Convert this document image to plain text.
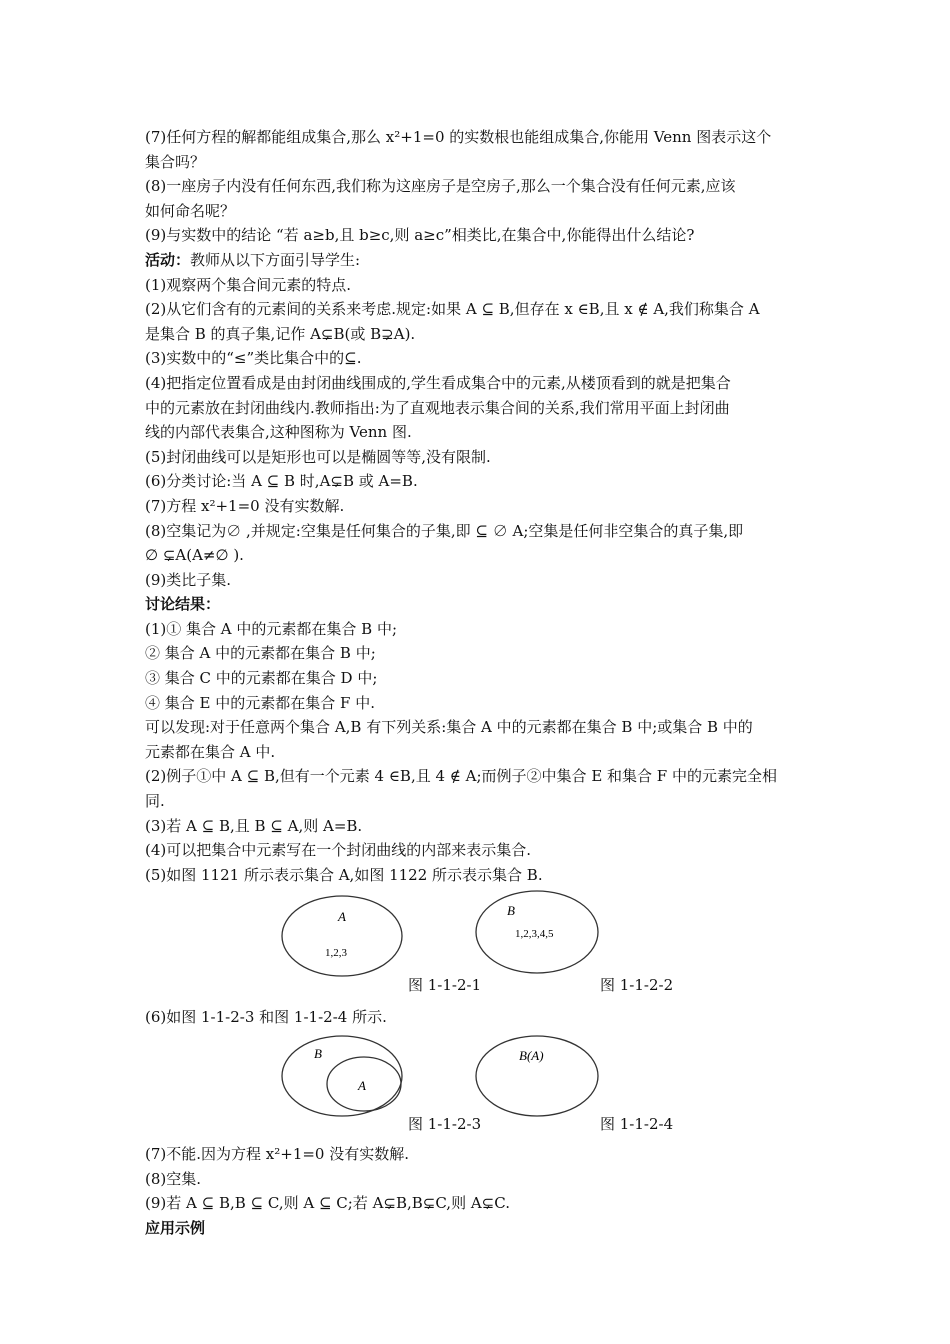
(7)任何方程的解都能组成集合,那么 x²+1=0 的实数根也能组成集合,你能用 Venn 图表示这个

集合吗？

(8)一座房子内没有任何东西,我们称为这座房子是空房子,那么一个集合没有任何元素,应该

如何命名呢？

(9)与实数中的结论 “若 a≥b,且 b≥c,则 a≥c”相类比,在集合中,你能得出什么结论?

活动：教师从以下方面引导学生:

(1)观察两个集合间元素的特点.

(2)从它们含有的元素间的关系来考虑.规定:如果 A ⊆ B,但存在 x ∈B,且 x ∉ A,我们称集合 A

是集合 B 的真子集,记作 A⊊B(或 B⊋A).

(3)实数中的“≤”类比集合中的⊆.

(4)把指定位置看成是由封闭曲线围成的,学生看成集合中的元素,从楼顶看到的就是把集合

中的元素放在封闭曲线内.教师指出:为了直观地表示集合间的关系,我们常用平面上封闭曲

线的内部代表集合,这种图称为 Venn 图.

(5)封闭曲线可以是矩形也可以是椭圆等等,没有限制.

(6)分类讨论:当 A ⊆ B 时,A⊊B 或 A=B.

(7)方程 x²+1=0 没有实数解.

(8)空集记为∅ ,并规定:空集是任何集合的子集,即 ⊆ ∅ A;空集是任何非空集合的真子集,即

∅ ⊊A(A≠∅ ).

(9)类比子集.

讨论结果：

(1)① 集合 A 中的元素都在集合 B 中;

② 集合 A 中的元素都在集合 B 中;

③ 集合 C 中的元素都在集合 D 中;

④ 集合 E 中的元素都在集合 F 中.

可以发现:对于任意两个集合 A,B 有下列关系:集合 A 中的元素都在集合 B 中;或集合 B 中的

元素都在集合 A 中.

(2)例子①中 A ⊆ B,但有一个元素 4 ∈B,且 4 ∉ A;而例子②中集合 E 和集合 F 中的元素完全相

同.

(3)若 A ⊆ B,且 B ⊆ A,则 A=B.

(4)可以把集合中元素写在一个封闭曲线的内部来表示集合.

(5)如图 1121 所示表示集合 A,如图 1122 所示表示集合 B.

A
1,2,3
图 1-1-2-1
B
1,2,3,4,5
图 1-1-2-2

(6)如图 1-1-2-3 和图 1-1-2-4 所示.

B
A
图 1-1-2-3
B(A)
图 1-1-2-4

(7)不能.因为方程 x²+1=0 没有实数解.

(8)空集.

(9)若 A ⊆ B,B ⊆ C,则 A ⊆ C;若 A⊊B,B⊊C,则 A⊊C.

应用示例
